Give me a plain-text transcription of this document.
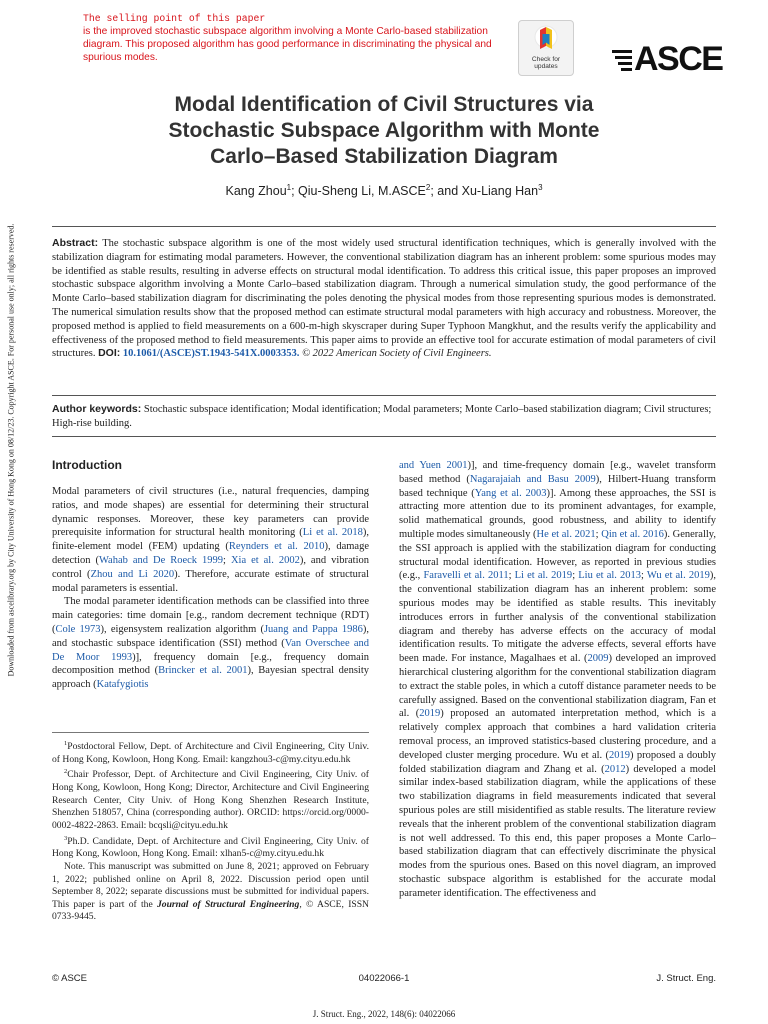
The selling point of this paper
is the improved stochastic subspace algorithm involving a Monte Carlo-based stabilization diagram. This proposed algorithm has good performance in discriminating the physical and spurious modes.	Check for
updates	ASCE
Downloaded from ascelibrary.org by City University of Hong Kong on 08/12/23. Copyright ASCE. For personal use only; all rights reserved.
Modal Identification of Civil Structures via
Stochastic Subspace Algorithm with Monte
Carlo–Based Stabilization Diagram
Kang Zhou$^1$; Qiu-Sheng Li, M.ASCE$^2$; and Xu-Liang Han$^3$
Abstract: The stochastic subspace algorithm is one of the most widely used structural identification techniques, which is generally involved with the stabilization diagram for estimating modal parameters. However, the conventional stabilization diagram has an inherent problem: some spurious modes may be identified as stable results, resulting in adverse effects on structural modal identification. To address this critical issue, this paper proposes an improved stochastic subspace algorithm involving a Monte Carlo–based stabilization diagram. Through a numerical simulation study, the good performance of the Monte Carlo–based stabilization diagram for discriminating the poles denoting the physical modes from those representing spurious modes is demonstrated. The numerical simulation results show that the proposed method can estimate structural modal parameters with high accuracy and robustness. Moreover, the proposed method is applied to field measurements on a 600-m-high skyscraper during Super Typhoon Mangkhut, and the results verify the applicability and effectiveness of the proposed method to field measurements. This paper aims to provide an effective tool for accurate estimation of modal parameters of civil structures. DOI: 10.1061/(ASCE)ST.1943-541X.0003353. © 2022 American Society of Civil Engineers.
Author keywords: Stochastic subspace identification; Modal identification; Modal parameters; Monte Carlo–based stabilization diagram; Civil structures; High-rise building.
Introduction

Modal parameters of civil structures (i.e., natural frequencies, damping ratios, and mode shapes) are essential for determining their structural dynamic responses. Moreover, these key parameters can provide prerequisite information for structural health monitoring (Li et al. 2018), finite-element model (FEM) updating (Reynders et al. 2010), damage detection (Wahab and De Roeck 1999; Xia et al. 2002), and vibration control (Zhou and Li 2020). Therefore, accurate estimate of structural modal parameters is essential.

The modal parameter identification methods can be classified into three main categories: time domain [e.g., random decrement technique (RDT) (Cole 1973), eigensystem realization algorithm (Juang and Pappa 1986), and stochastic subspace identification (SSI) method (Van Overschee and De Moor 1993)], frequency domain [e.g., frequency domain decomposition method (Brincker et al. 2001), Bayesian spectral density approach (Katafygiotis

$^1$Postdoctoral Fellow, Dept. of Architecture and Civil Engineering, City Univ. of Hong Kong, Kowloon, Hong Kong. Email: kangzhou3-c@my.cityu.edu.hk

$^2$Chair Professor, Dept. of Architecture and Civil Engineering, City Univ. of Hong Kong, Kowloon, Hong Kong; Director, Architecture and Civil Engineering Research Center, City Univ. of Hong Kong Shenzhen Research Institute, Shenzhen 518057, China (corresponding author). ORCID: https://orcid.org/0000-0002-4822-2863. Email: bcqsli@cityu.edu.hk

$^3$Ph.D. Candidate, Dept. of Architecture and Civil Engineering, City Univ. of Hong Kong, Kowloon, Hong Kong. Email: xlhan5-c@my.cityu.edu.hk

Note. This manuscript was submitted on June 8, 2021; approved on February 1, 2022; published online on April 8, 2022. Discussion period open until September 8, 2022; separate discussions must be submitted for individual papers. This paper is part of the Journal of Structural Engineering, © ASCE, ISSN 0733-9445.

and Yuen 2001)], and time-frequency domain [e.g., wavelet transform based method (Nagarajaiah and Basu 2009), Hilbert-Huang transform based technique (Yang et al. 2003)]. Among these approaches, the SSI is attracting more attention due to its prominent advantages, for example, solid mathematical grounds, good robustness, and ability to identify multiple modes simultaneously (He et al. 2021; Qin et al. 2016). Generally, the SSI approach is applied with the stabilization diagram for conducting structural modal identification. However, as reported in previous studies (e.g., Faravelli et al. 2011; Li et al. 2019; Liu et al. 2013; Wu et al. 2019), the conventional stabilization diagram has an inherent problem: some spurious modes may be identified as stable results. This inevitably introduces errors in further analysis of the conventional stabilization diagram and thereby has adverse effects on the accuracy of modal identification results. To mitigate the adverse effects, several efforts have been made. For instance, Magalhaes et al. (2009) developed an improved hierarchical clustering algorithm for the conventional stabilization diagram to extract the stable poles, in which a cutoff distance parameter needs to be carefully assigned. Based on the conventional stabilization diagram, Fan et al. (2019) proposed an automated interpretation method, which is a relatively complex approach that combines a hard validation criteria removal process, an improved statistics-based clustering procedure, and a developed cluster merging procedure. Wu et al. (2019) proposed a doubly folded stabilization diagram and Zhang et al. (2012) developed a model similar index-based stabilization diagram, while the applications of these two stabilization diagrams in field measurements indicated that several spurious poles are still misidentified as stable results. The literature review reveals that the inherent problem of the conventional stabilization diagram is not well addressed. To this end, this paper proposes a Monte Carlo–based stabilization diagram that can effectively discriminate the physical modes from the spurious ones. Based on this novel diagram, an improved stochastic subspace algorithm is established for the accurate modal parameter identification. The effectiveness and

© ASCE	04022066-1	J. Struct. Eng.
J. Struct. Eng., 2022, 148(6): 04022066
